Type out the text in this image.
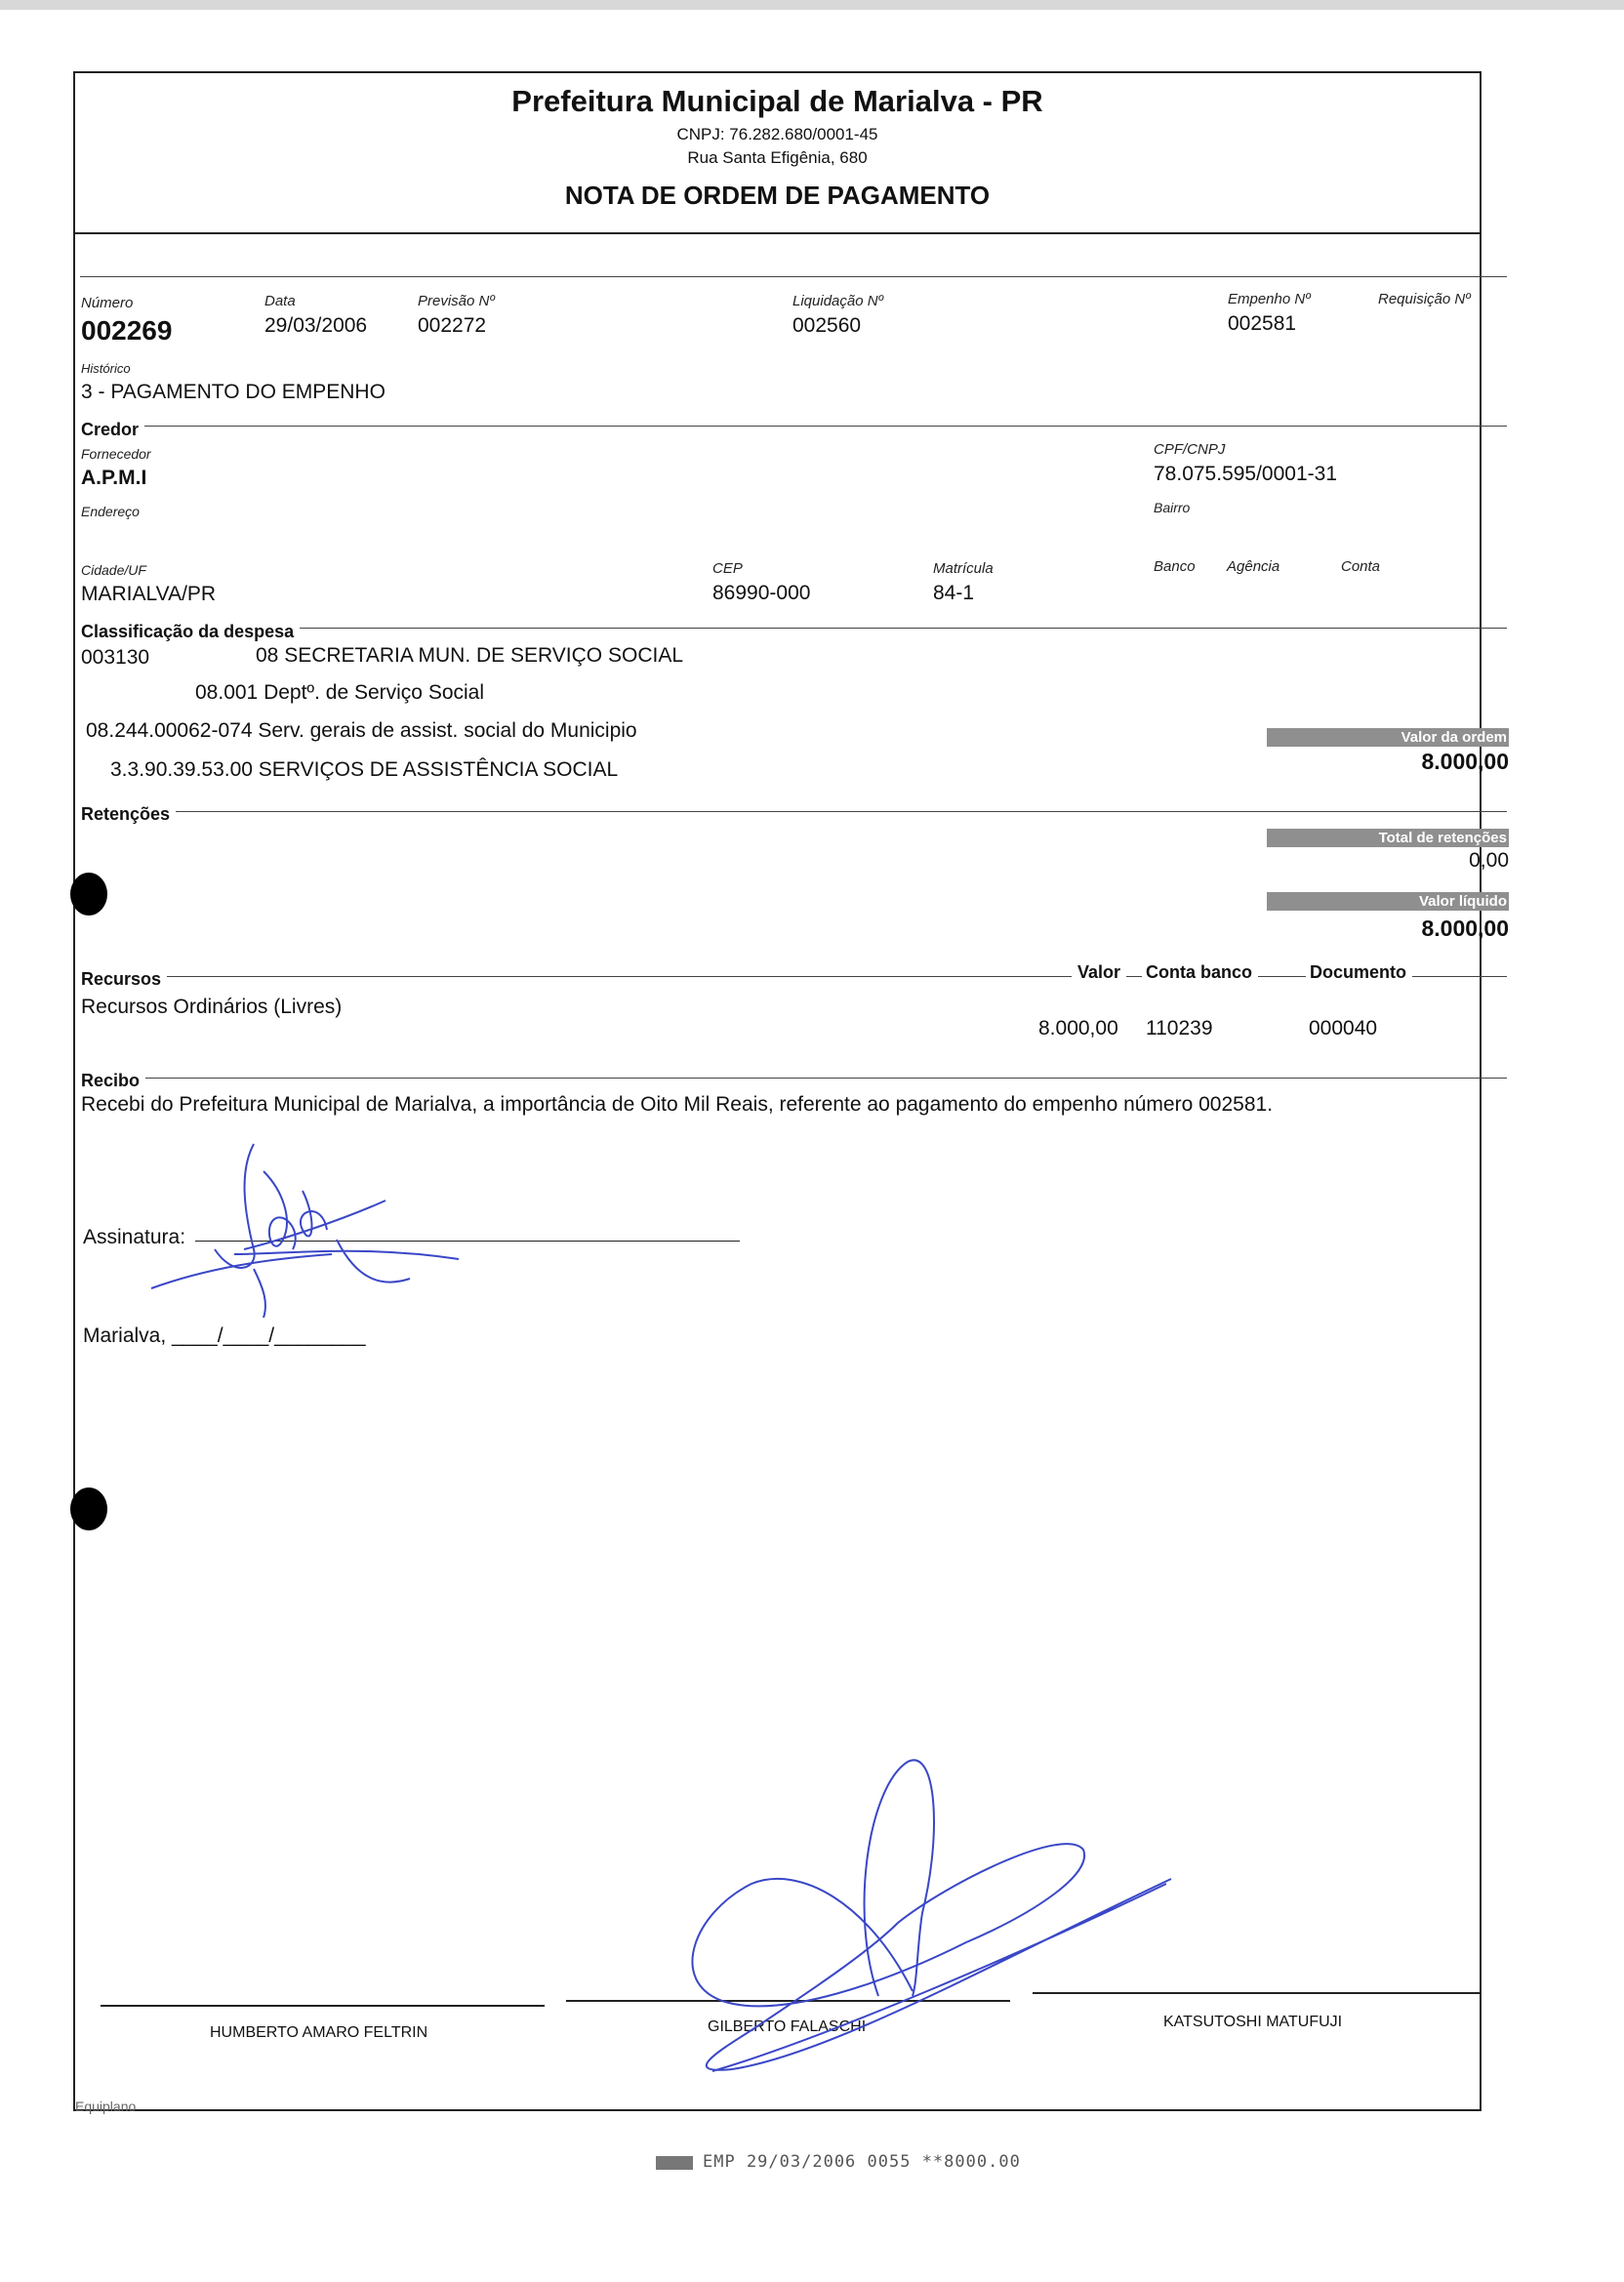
Prefeitura Municipal de Marialva - PR
CNPJ: 76.282.680/0001-45
Rua Santa Efigênia, 680
NOTA DE ORDEM DE PAGAMENTO
Número
002269
Data
29/03/2006
Previsão Nº
002272
Liquidação Nº
002560
Empenho Nº
002581
Requisição Nº
Histórico
3 - PAGAMENTO DO EMPENHO
Credor
Fornecedor
A.P.M.I
CPF/CNPJ
78.075.595/0001-31
Endereço	Bairro
Cidade/UF
MARIALVA/PR
CEP
86990-000
Matrícula
84-1
Banco Agência	Conta
Classificação da despesa
003130	08 SECRETARIA MUN. DE SERVIÇO SOCIAL
08.001 Deptº. de Serviço Social
08.244.00062-074 Serv. gerais de assist. social do Municipio
3.3.90.39.53.00 SERVIÇOS DE ASSISTÊNCIA SOCIAL
Valor da ordem
8.000,00
Retenções
Total de retenções
0,00
Valor líquido
8.000,00
Recursos	Valor	Conta banco	Documento
Recursos Ordinários (Livres)
8.000,00 110239	000040
Recibo
Recebi do Prefeitura Municipal de Marialva, a importância de Oito Mil Reais, referente ao pagamento do empenho número 002581.
Assinatura:
Marialva, ____/____/________
HUMBERTO AMARO FELTRIN	GILBERTO FALASCHI	KATSUTOSHI MATUFUJI
Equiplano
EMP 29/03/2006 0055 **8000.00
